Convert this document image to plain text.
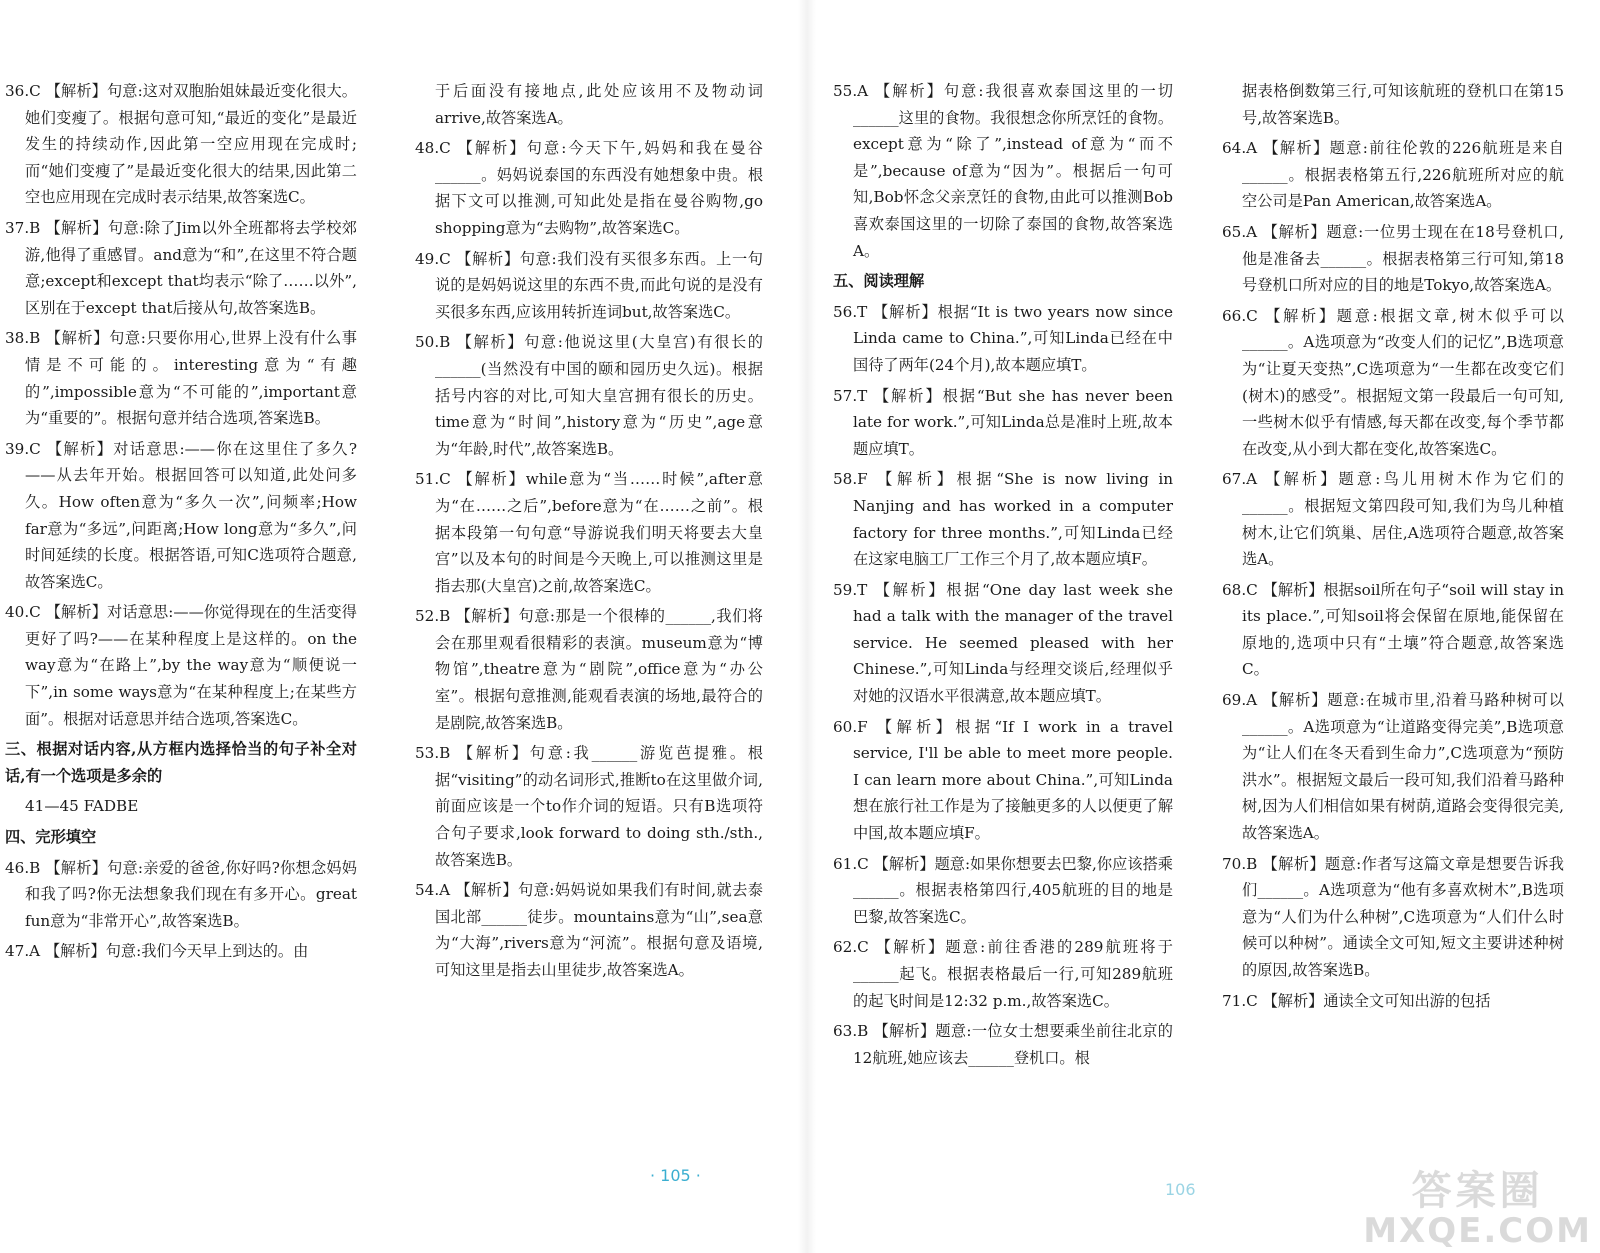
36.C 【解析】句意:这对双胞胎姐妹最近变化很大。她们变瘦了。根据句意可知,“最近的变化”是最近发生的持续动作,因此第一空应用现在完成时;而“她们变瘦了”是最近变化很大的结果,因此第二空也应用现在完成时表示结果,故答案选C。
37.B 【解析】句意:除了Jim以外全班都将去学校郊游,他得了重感冒。and意为“和”,在这里不符合题意;except和except that均表示“除了……以外”,区别在于except that后接从句,故答案选B。
38.B 【解析】句意:只要你用心,世界上没有什么事情是不可能的。interesting意为“有趣的”,impossible意为“不可能的”,important意为“重要的”。根据句意并结合选项,答案选B。
39.C 【解析】对话意思:——你在这里住了多久?——从去年开始。根据回答可以知道,此处问多久。How often意为“多久一次”,问频率;How far意为“多远”,问距离;How long意为“多久”,问时间延续的长度。根据答语,可知C选项符合题意,故答案选C。
40.C 【解析】对话意思:——你觉得现在的生活变得更好了吗?——在某种程度上是这样的。on the way意为“在路上”,by the way意为“顺便说一下”,in some ways意为“在某种程度上;在某些方面”。根据对话意思并结合选项,答案选C。
三、根据对话内容,从方框内选择恰当的句子补全对话,有一个选项是多余的
41—45 FADBE
四、完形填空
46.B 【解析】句意:亲爱的爸爸,你好吗?你想念妈妈和我了吗?你无法想象我们现在有多开心。great fun意为“非常开心”,故答案选B。
47.A 【解析】句意:我们今天早上到达的。由
于后面没有接地点,此处应该用不及物动词arrive,故答案选A。
48.C 【解析】句意:今天下午,妈妈和我在曼谷______。妈妈说泰国的东西没有她想象中贵。根据下文可以推测,可知此处是指在曼谷购物,go shopping意为“去购物”,故答案选C。
49.C 【解析】句意:我们没有买很多东西。上一句说的是妈妈说这里的东西不贵,而此句说的是没有买很多东西,应该用转折连词but,故答案选C。
50.B 【解析】句意:他说这里(大皇宫)有很长的______(当然没有中国的颐和园历史久远)。根据括号内容的对比,可知大皇宫拥有很长的历史。time意为“时间”,history意为“历史”,age意为“年龄,时代”,故答案选B。
51.C 【解析】while意为“当……时候”,after意为“在……之后”,before意为“在……之前”。根据本段第一句句意“导游说我们明天将要去大皇宫”以及本句的时间是今天晚上,可以推测这里是指去那(大皇宫)之前,故答案选C。
52.B 【解析】句意:那是一个很棒的______,我们将会在那里观看很精彩的表演。museum意为“博物馆”,theatre意为“剧院”,office意为“办公室”。根据句意推测,能观看表演的场地,最符合的是剧院,故答案选B。
53.B 【解析】句意:我______游览芭提雅。根据“visiting”的动名词形式,推断to在这里做介词,前面应该是一个to作介词的短语。只有B选项符合句子要求,look forward to doing sth./sth.,故答案选B。
54.A 【解析】句意:妈妈说如果我们有时间,就去泰国北部______徒步。mountains意为“山”,sea意为“大海”,rivers意为“河流”。根据句意及语境,可知这里是指去山里徒步,故答案选A。
55.A 【解析】句意:我很喜欢泰国这里的一切______这里的食物。我很想念你所烹饪的食物。except意为“除了”,instead of意为“而不是”,because of意为“因为”。根据后一句可知,Bob怀念父亲烹饪的食物,由此可以推测Bob喜欢泰国这里的一切除了泰国的食物,故答案选A。
五、阅读理解
56.T 【解析】根据“It is two years now since Linda came to China.”,可知Linda已经在中国待了两年(24个月),故本题应填T。
57.T 【解析】根据“But she has never been late for work.”,可知Linda总是准时上班,故本题应填T。
58.F 【解析】根据“She is now living in Nanjing and has worked in a computer factory for three months.”,可知Linda已经在这家电脑工厂工作三个月了,故本题应填F。
59.T 【解析】根据“One day last week she had a talk with the manager of the travel service. He seemed pleased with her Chinese.”,可知Linda与经理交谈后,经理似乎对她的汉语水平很满意,故本题应填T。
60.F 【解析】根据“If I work in a travel service, I'll be able to meet more people. I can learn more about China.”,可知Linda想在旅行社工作是为了接触更多的人以便更了解中国,故本题应填F。
61.C 【解析】题意:如果你想要去巴黎,你应该搭乘______。根据表格第四行,405航班的目的地是巴黎,故答案选C。
62.C 【解析】题意:前往香港的289航班将于______起飞。根据表格最后一行,可知289航班的起飞时间是12:32 p.m.,故答案选C。
63.B 【解析】题意:一位女士想要乘坐前往北京的12航班,她应该去______登机口。根
据表格倒数第三行,可知该航班的登机口在第15号,故答案选B。
64.A 【解析】题意:前往伦敦的226航班是来自______。根据表格第五行,226航班所对应的航空公司是Pan American,故答案选A。
65.A 【解析】题意:一位男士现在在18号登机口,他是准备去______。根据表格第三行可知,第18号登机口所对应的目的地是Tokyo,故答案选A。
66.C 【解析】题意:根据文章,树木似乎可以______。A选项意为“改变人们的记忆”,B选项意为“让夏天变热”,C选项意为“一生都在改变它们(树木)的感受”。根据短文第一段最后一句可知,一些树木似乎有情感,每天都在改变,每个季节都在改变,从小到大都在变化,故答案选C。
67.A 【解析】题意:鸟儿用树木作为它们的______。根据短文第四段可知,我们为鸟儿种植树木,让它们筑巢、居住,A选项符合题意,故答案选A。
68.C 【解析】根据soil所在句子“soil will stay in its place.”,可知soil将会保留在原地,能保留在原地的,选项中只有“土壤”符合题意,故答案选C。
69.A 【解析】题意:在城市里,沿着马路种树可以______。A选项意为“让道路变得完美”,B选项意为“让人们在冬天看到生命力”,C选项意为“预防洪水”。根据短文最后一段可知,我们沿着马路种树,因为人们相信如果有树荫,道路会变得很完美,故答案选A。
70.B 【解析】题意:作者写这篇文章是想要告诉我们______。A选项意为“他有多喜欢树木”,B选项意为“人们为什么种树”,C选项意为“人们什么时候可以种树”。通读全文可知,短文主要讲述种树的原因,故答案选B。
71.C 【解析】通读全文可知出游的包括
· 105 ·
106	答案圈
MXQE.COM
